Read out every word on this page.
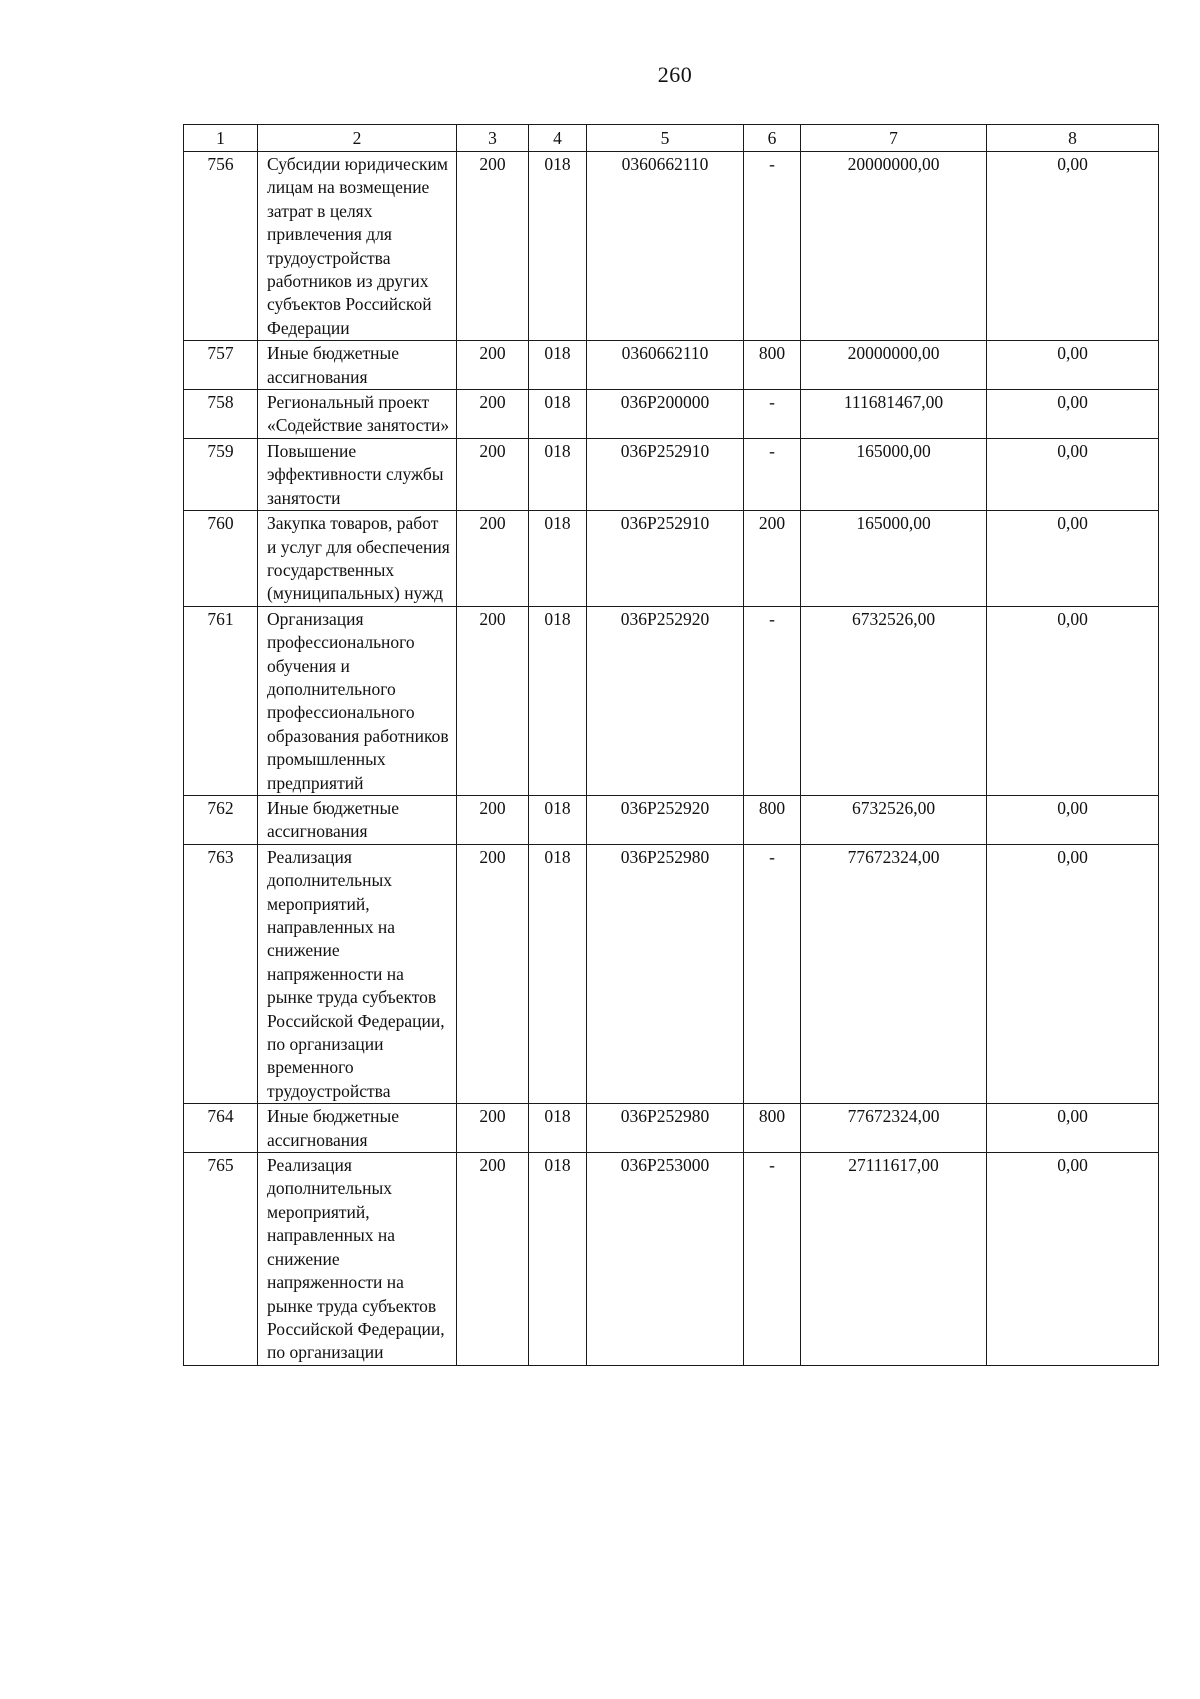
260
1	2	3	4	5	6	7	8
756	Субсидии юридическим лицам на возмещение затрат в целях привлечения для трудоустройства работников из других субъектов Российской Федерации	200	018	0360662110	-	20000000,00	0,00
757	Иные бюджетные ассигнования	200	018	0360662110	800	20000000,00	0,00
758	Региональный проект «Содействие занятости»	200	018	036P200000	-	111681467,00	0,00
759	Повышение эффективности службы занятости	200	018	036P252910	-	165000,00	0,00
760	Закупка товаров, работ и услуг для обеспечения государственных (муниципальных) нужд	200	018	036P252910	200	165000,00	0,00
761	Организация профессионального обучения и дополнительного профессионального образования работников промышленных предприятий	200	018	036P252920	-	6732526,00	0,00
762	Иные бюджетные ассигнования	200	018	036P252920	800	6732526,00	0,00
763	Реализация дополнительных мероприятий, направленных на снижение напряженности на рынке труда субъектов Российской Федерации, по организации временного трудоустройства	200	018	036P252980	-	77672324,00	0,00
764	Иные бюджетные ассигнования	200	018	036P252980	800	77672324,00	0,00
765	Реализация дополнительных мероприятий, направленных на снижение напряженности на рынке труда субъектов Российской Федерации, по организации	200	018	036P253000	-	27111617,00	0,00
